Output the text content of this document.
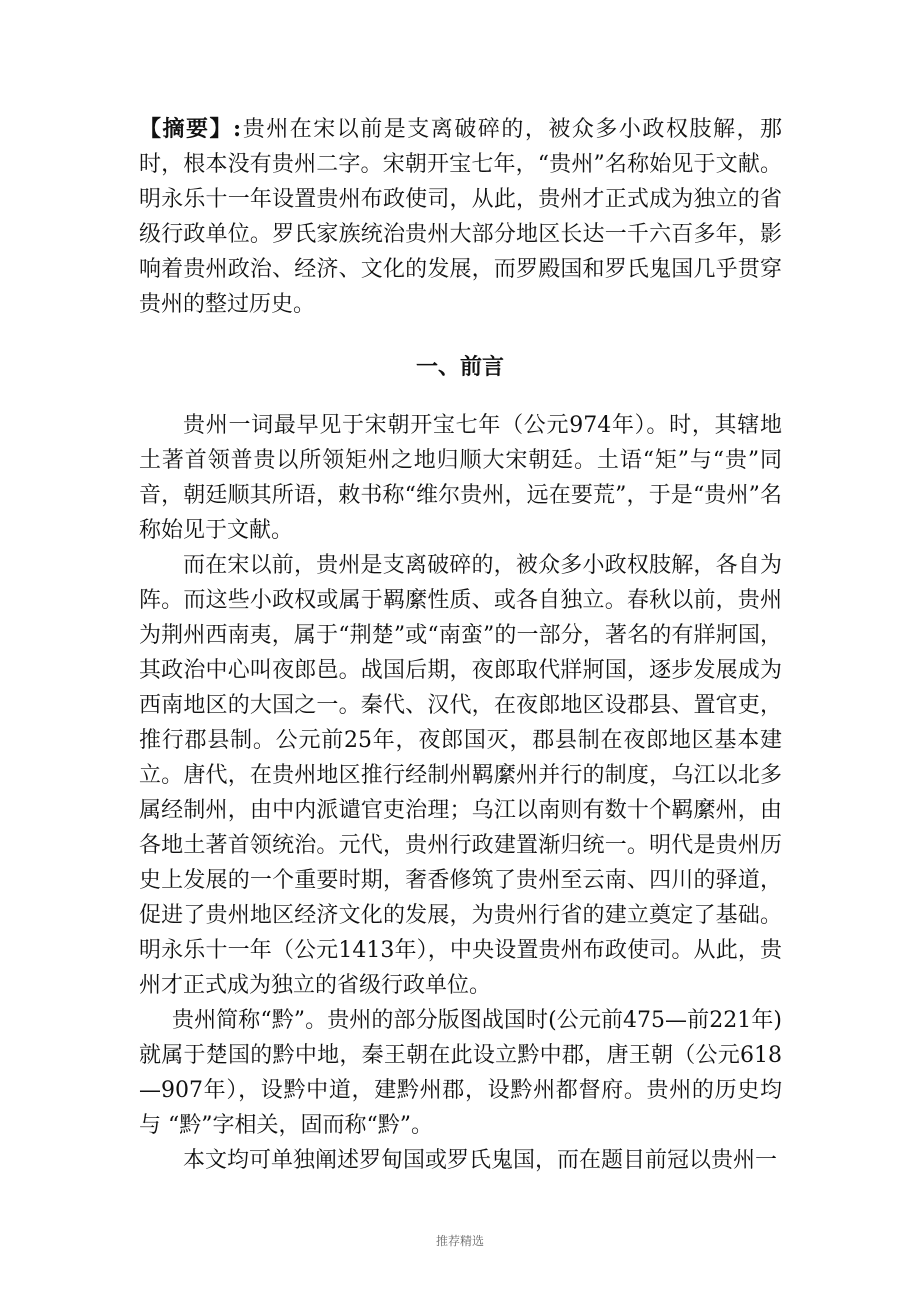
【摘要】:贵州在宋以前是支离破碎的，被众多小政权肢解，那时，根本没有贵州二字。宋朝开宝七年，“贵州”名称始见于文献。明永乐十一年设置贵州布政使司，从此，贵州才正式成为独立的省级行政单位。罗氏家族统治贵州大部分地区长达一千六百多年，影响着贵州政治、经济、文化的发展，而罗殿国和罗氏鬼国几乎贯穿贵州的整过历史。
一、前言

贵州一词最早见于宋朝开宝七年（公元974年）。时，其辖地土著首领普贵以所领矩州之地归顺大宋朝廷。土语“矩”与“贵”同音，朝廷顺其所语，敕书称“维尔贵州，远在要荒”，于是“贵州”名称始见于文献。

而在宋以前，贵州是支离破碎的，被众多小政权肢解，各自为阵。而这些小政权或属于羁縻性质、或各自独立。春秋以前，贵州为荆州西南夷，属于“荆楚”或“南蛮”的一部分，著名的有牂牁国，其政治中心叫夜郎邑。战国后期，夜郎取代牂牁国，逐步发展成为西南地区的大国之一。秦代、汉代，在夜郎地区设郡县、置官吏，推行郡县制。公元前25年，夜郎国灭，郡县制在夜郎地区基本建立。唐代，在贵州地区推行经制州羁縻州并行的制度，乌江以北多属经制州，由中内派谴官吏治理；乌江以南则有数十个羁縻州，由各地土著首领统治。元代，贵州行政建置渐归统一。明代是贵州历史上发展的一个重要时期，奢香修筑了贵州至云南、四川的驿道，促进了贵州地区经济文化的发展，为贵州行省的建立奠定了基础。明永乐十一年（公元1413年），中央设置贵州布政使司。从此，贵州才正式成为独立的省级行政单位。

贵州简称“黔”。贵州的部分版图战国时(公元前475—前221年)就属于楚国的黔中地，秦王朝在此设立黔中郡，唐王朝（公元618—907年），设黔中道，建黔州郡，设黔州都督府。贵州的历史均与 “黔”字相关，固而称“黔”。

本文均可单独阐述罗甸国或罗氏鬼国，而在题目前冠以贵州一

推荐精选
